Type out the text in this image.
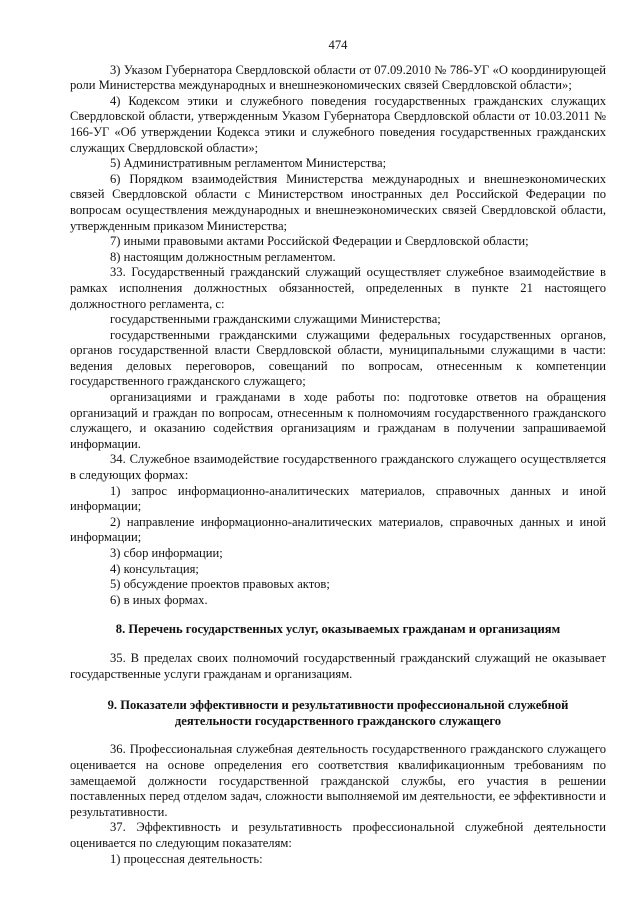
474

3) Указом Губернатора Свердловской области от 07.09.2010 № 786-УГ «О координирующей роли Министерства международных и внешнеэкономических связей Свердловской области»;

4) Кодексом этики и служебного поведения государственных гражданских служащих Свердловской области, утвержденным Указом Губернатора Свердловской области от 10.03.2011 № 166-УГ «Об утверждении Кодекса этики и служебного поведения государственных гражданских служащих Свердловской области»;

5) Административным регламентом Министерства;

6) Порядком взаимодействия Министерства международных и внешнеэкономических связей Свердловской области с Министерством иностранных дел Российской Федерации по вопросам осуществления международных и внешнеэкономических связей Свердловской области, утвержденным приказом Министерства;

7) иными правовыми актами Российской Федерации и Свердловской области;

8) настоящим должностным регламентом.

33. Государственный гражданский служащий осуществляет служебное взаимодействие в рамках исполнения должностных обязанностей, определенных в пункте 21 настоящего должностного регламента, с:

государственными гражданскими служащими Министерства;

государственными гражданскими служащими федеральных государственных органов, органов государственной власти Свердловской области, муниципальными служащими в части: ведения деловых переговоров, совещаний по вопросам, отнесенным к компетенции государственного гражданского служащего;

организациями и гражданами в ходе работы по: подготовке ответов на обращения организаций и граждан по вопросам, отнесенным к полномочиям государственного гражданского служащего, и оказанию содействия организациям и гражданам в получении запрашиваемой информации.

34. Служебное взаимодействие государственного гражданского служащего осуществляется в следующих формах:

1) запрос информационно-аналитических материалов, справочных данных и иной информации;

2) направление информационно-аналитических материалов, справочных данных и иной информации;

3) сбор информации;

4) консультация;

5) обсуждение проектов правовых актов;

6) в иных формах.

8. Перечень государственных услуг, оказываемых гражданам и организациям

35. В пределах своих полномочий государственный гражданский служащий не оказывает государственные услуги гражданам и организациям.

9. Показатели эффективности и результативности профессиональной служебной
деятельности государственного гражданского служащего

36. Профессиональная служебная деятельность государственного гражданского служащего оценивается на основе определения его соответствия квалификационным требованиям по замещаемой должности государственной гражданской службы, его участия в решении поставленных перед отделом задач, сложности выполняемой им деятельности, ее эффективности и результативности.

37. Эффективность и результативность профессиональной служебной деятельности оценивается по следующим показателям:

1) процессная деятельность:
